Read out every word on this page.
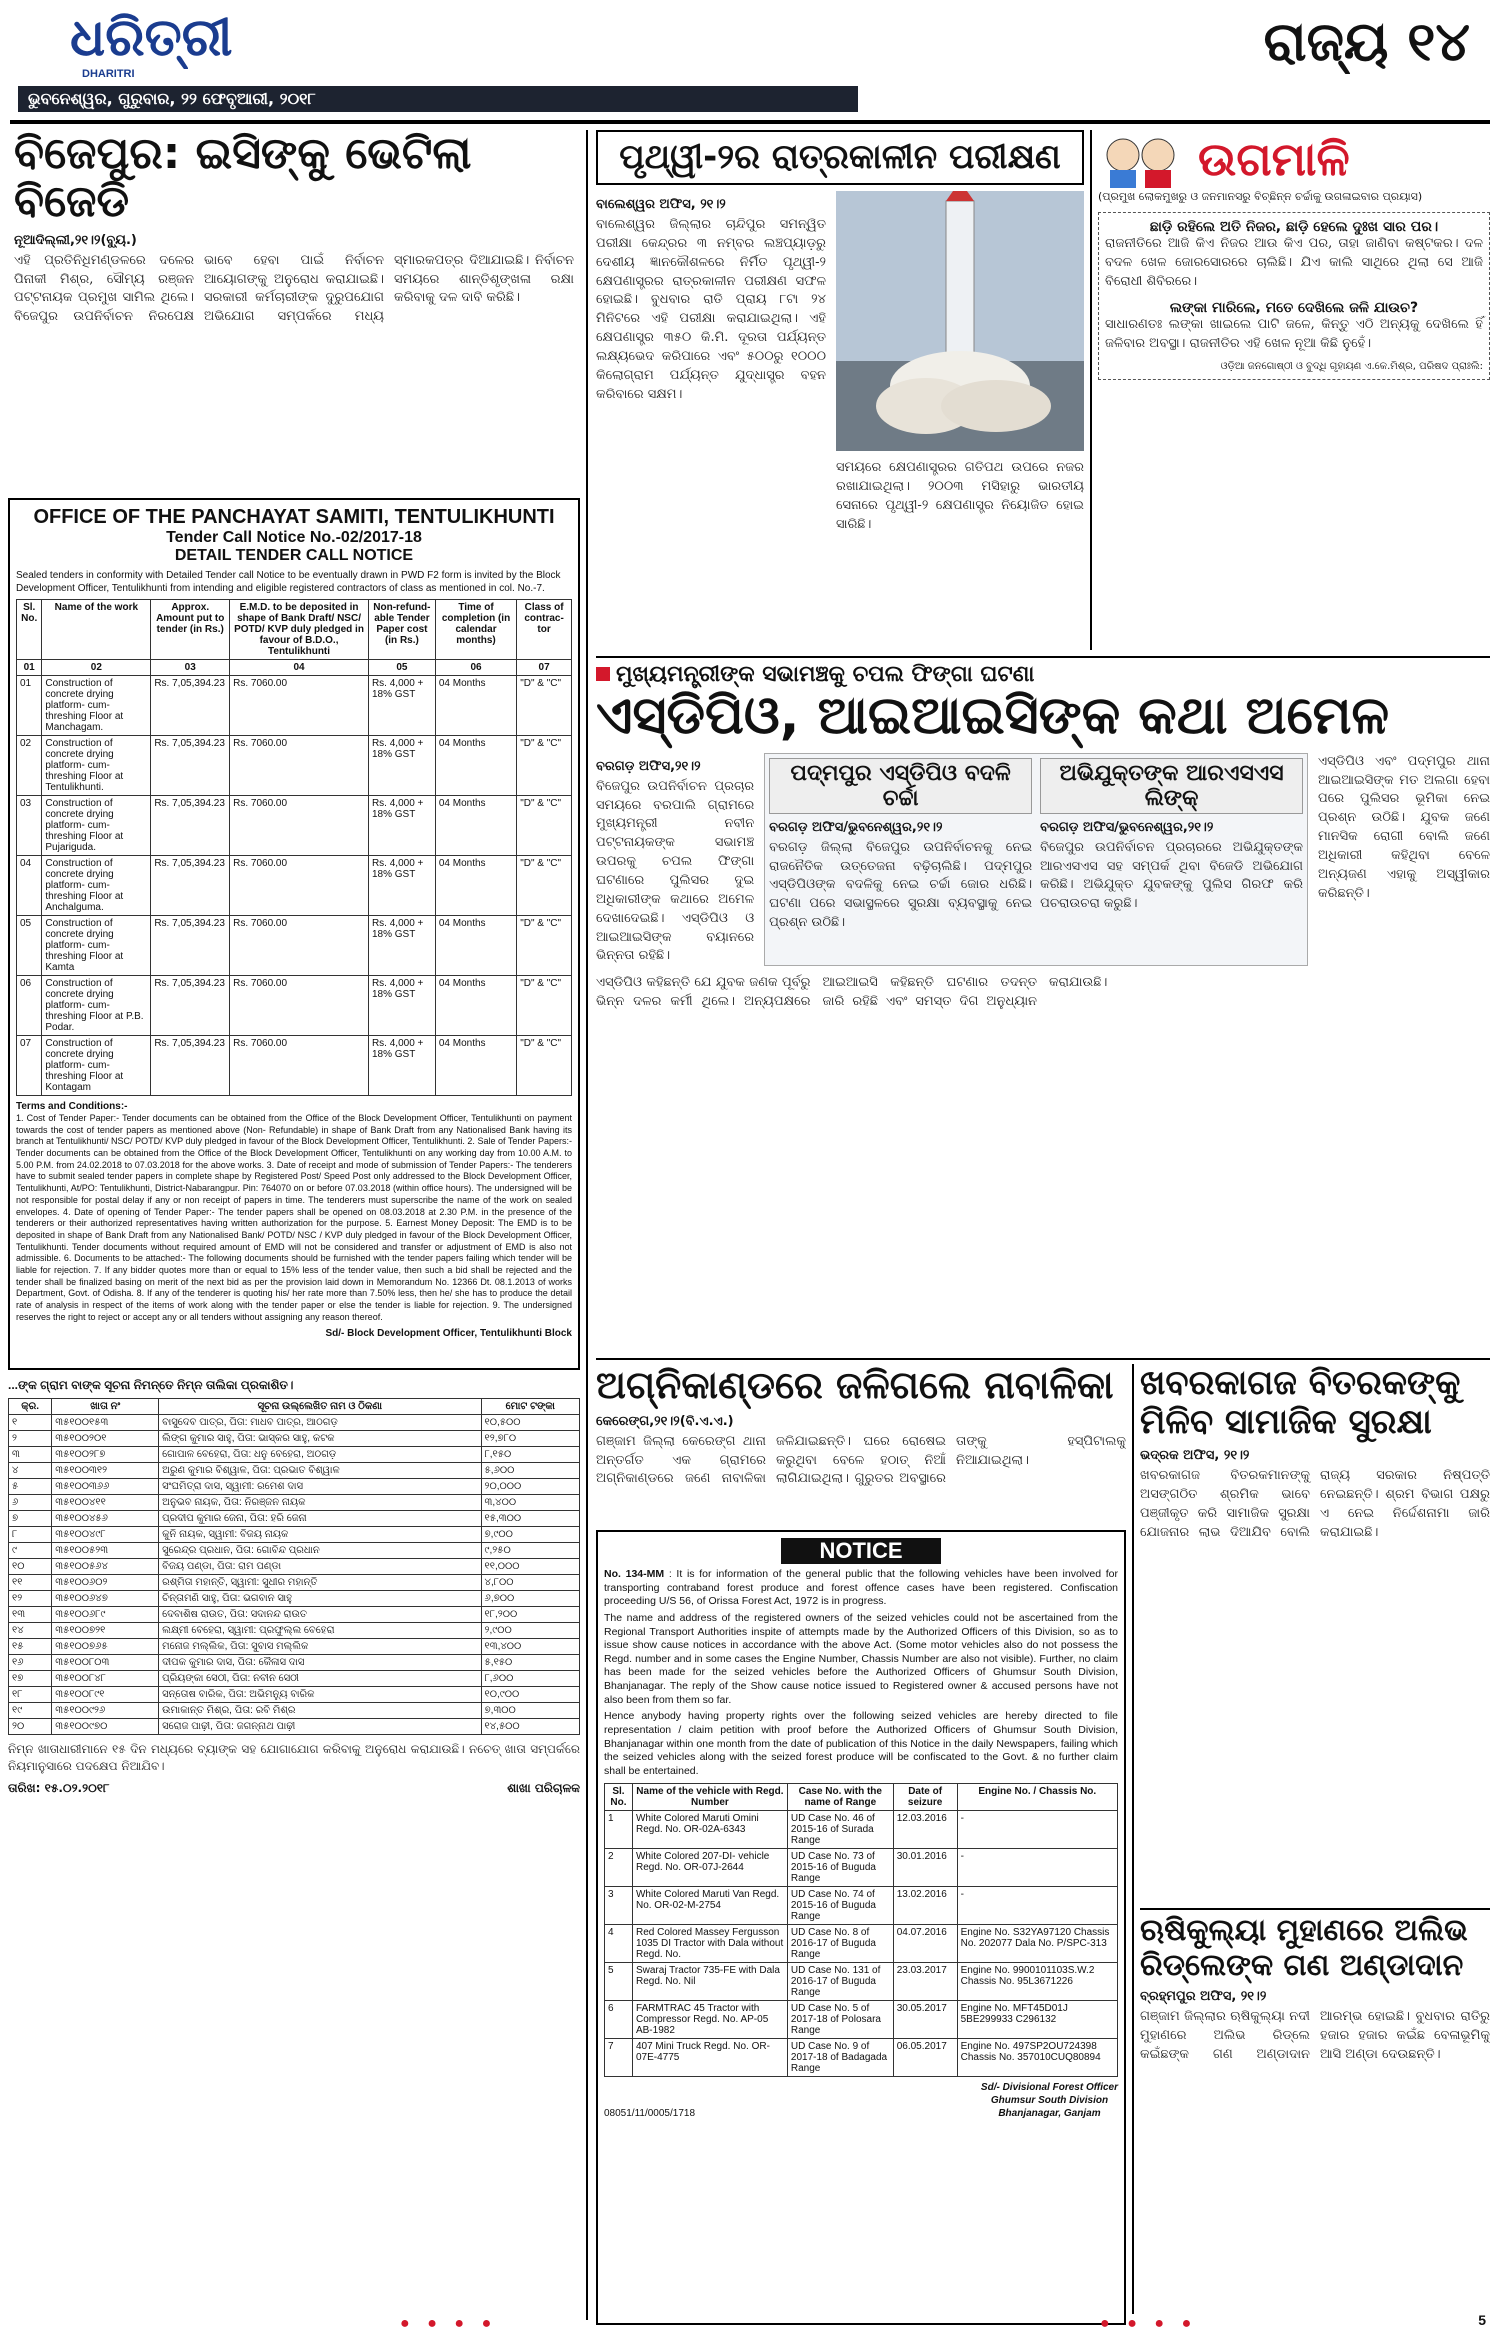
ଧରିତ୍ରୀ
DHARITRI
ଭୁବନେଶ୍ୱର, ଗୁରୁବାର, ୨୨ ଫେବୃଆରୀ, ୨୦୧୮
ରାଜ୍ୟ ୧୪
ବିଜେପୁର: ଇସିଙ୍କୁ ଭେଟିଲା ବିଜେଡି
ନୂଆଦିଲ୍ଲୀ,୨୧।୨(ବ୍ୟୁ.)
ଏହି ପ୍ରତିନିଧିମଣ୍ଡଳରେ ଦଳେର ପିନାକୀ ମିଶ୍ର, ସୌମ୍ୟ ରଞ୍ଜନ ପଟ୍ଟନାୟକ ପ୍ରମୁଖ ସାମିଲ ଥିଲେ। ବିଜେପୁର ଉପନିର୍ବାଚନ ନିରପେକ୍ଷ ଭାବେ ହେବା ପାଇଁ ନିର୍ବାଚନ ଆୟୋଗଙ୍କୁ ଅନୁରୋଧ କରାଯାଇଛି। ସରକାରୀ କର୍ମଚାରୀଙ୍କ ଦୁରୁପଯୋଗ ଅଭିଯୋଗ ସମ୍ପର୍କରେ ମଧ୍ୟ ସ୍ମାରକପତ୍ର ଦିଆଯାଇଛି। ନିର୍ବାଚନ ସମୟରେ ଶାନ୍ତିଶୃଙ୍ଖଳା ରକ୍ଷା କରିବାକୁ ଦଳ ଦାବି କରିଛି।
OFFICE OF THE PANCHAYAT SAMITI, TENTULIKHUNTI
Tender Call Notice No.-02/2017-18
DETAIL TENDER CALL NOTICE
Sealed tenders in conformity with Detailed Tender call Notice to be eventually drawn in PWD F2 form is invited by the Block Development Officer, Tentulikhunti from intending and eligible registered contractors of class as mentioned in col. No.-7.
Sl. No.	Name of the work	Approx. Amount put to tender (in Rs.)	E.M.D. to be deposited in shape of Bank Draft/ NSC/ POTD/ KVP duly pledged in favour of B.D.O., Tentulikhunti	Non-refund-able Tender Paper cost (in Rs.)	Time of completion (in calendar months)	Class of contrac-tor
01	02	03	04	05	06	07
01	Construction of concrete drying platform- cum- threshing Floor at Manchagam.	Rs. 7,05,394.23	Rs. 7060.00	Rs. 4,000 + 18% GST	04 Months	"D" & "C"
02	Construction of concrete drying platform- cum- threshing Floor at Tentulikhunti.	Rs. 7,05,394.23	Rs. 7060.00	Rs. 4,000 + 18% GST	04 Months	"D" & "C"
03	Construction of concrete drying platform- cum- threshing Floor at Pujariguda.	Rs. 7,05,394.23	Rs. 7060.00	Rs. 4,000 + 18% GST	04 Months	"D" & "C"
04	Construction of concrete drying platform- cum- threshing Floor at Anchalguma.	Rs. 7,05,394.23	Rs. 7060.00	Rs. 4,000 + 18% GST	04 Months	"D" & "C"
05	Construction of concrete drying platform- cum- threshing Floor at Kamta	Rs. 7,05,394.23	Rs. 7060.00	Rs. 4,000 + 18% GST	04 Months	"D" & "C"
06	Construction of concrete drying platform- cum- threshing Floor at P.B. Podar.	Rs. 7,05,394.23	Rs. 7060.00	Rs. 4,000 + 18% GST	04 Months	"D" & "C"
07	Construction of concrete drying platform- cum- threshing Floor at Kontagam	Rs. 7,05,394.23	Rs. 7060.00	Rs. 4,000 + 18% GST	04 Months	"D" & "C"
Terms and Conditions:-
1. Cost of Tender Paper:- Tender documents can be obtained from the Office of the Block Development Officer, Tentulikhunti on payment towards the cost of tender papers as mentioned above (Non- Refundable) in shape of Bank Draft from any Nationalised Bank having its branch at Tentulikhunti/ NSC/ POTD/ KVP duly pledged in favour of the Block Development Officer, Tentulikhunti. 2. Sale of Tender Papers:- Tender documents can be obtained from the Office of the Block Development Officer, Tentulikhunti on any working day from 10.00 A.M. to 5.00 P.M. from 24.02.2018 to 07.03.2018 for the above works. 3. Date of receipt and mode of submission of Tender Papers:- The tenderers have to submit sealed tender papers in complete shape by Registered Post/ Speed Post only addressed to the Block Development Officer, Tentulikhunti, At/PO: Tentulikhunti, District-Nabarangpur. Pin: 764070 on or before 07.03.2018 (within office hours). The undersigned will be not responsible for postal delay if any or non receipt of papers in time. The tenderers must superscribe the name of the work on sealed envelopes. 4. Date of opening of Tender Paper:- The tender papers shall be opened on 08.03.2018 at 2.30 P.M. in the presence of the tenderers or their authorized representatives having written authorization for the purpose. 5. Earnest Money Deposit: The EMD is to be deposited in shape of Bank Draft from any Nationalised Bank/ POTD/ NSC / KVP duly pledged in favour of the Block Development Officer, Tentulikhunti. Tender documents without required amount of EMD will not be considered and transfer or adjustment of EMD is also not admissible. 6. Documents to be attached:- The following documents should be furnished with the tender papers failing which tender will be liable for rejection. 7. If any bidder quotes more than or equal to 15% less of the tender value, then such a bid shall be rejected and the tender shall be finalized basing on merit of the next bid as per the provision laid down in Memorandum No. 12366 Dt. 08.1.2013 of works Department, Govt. of Odisha. 8. If any of the tenderer is quoting his/ her rate more than 7.50% less, then he/ she has to produce the detail rate of analysis in respect of the items of work along with the tender paper or else the tender is liable for rejection. 9. The undersigned reserves the right to reject or accept any or all tenders without assigning any reason thereof.
Sd/- Block Development Officer, Tentulikhunti Block
...ଙ୍କ ଗ୍ରାମ ବାଙ୍କ ସୂଚନା ନିମନ୍ତେ ନିମ୍ନ ତାଲିକା ପ୍ରକାଶିତ।
କ୍ର.	ଖାତା ନଂ	ସୂଚନା ଉଲ୍ଲେଖିତ ନାମ ଓ ଠିକଣା	ମୋଟ ଟଙ୍କା
୧	୩୫୧୦୦୧୫୩	ବାସୁଦେବ ପାତ୍ର, ପିତା: ମାଧବ ପାତ୍ର, ଆଠଗଡ଼	୧୦,୫୦୦
୨	୩୫୧୦୦୨୦୧	ଲିଙ୍ଗ କୁମାର ସାହୁ, ପିତା: ଭାସ୍କର ସାହୁ, କଟକ	୧୨,୭୮୦
୩	୩୫୧୦୦୨୮୭	ଗୋପାଳ ବେହେରା, ପିତା: ଧନୁ ବେହେରା, ଅଠଗଡ଼	୮,୧୫୦
୪	୩୫୧୦୦୩୧୨	ଅରୁଣ କୁମାର ବିଶ୍ୱାଳ, ପିତା: ପ୍ରଭାତ ବିଶ୍ୱାଳ	୫,୬୦୦
୫	୩୫୧୦୦୩୬୬	ସଂଘମିତ୍ରା ଦାସ, ସ୍ୱାମୀ: ରମେଶ ଦାସ	୨୦,୦୦୦
୬	୩୫୧୦୦୪୧୧	ଅନୁଭବ ନାୟକ, ପିତା: ନିରଞ୍ଜନ ନାୟକ	୩,୪୦୦
୭	୩୫୧୦୦୪୫୬	ପ୍ରଦୀପ କୁମାର ଜେନା, ପିତା: ହରି ଜେନା	୧୫,୩୦୦
୮	୩୫୧୦୦୪୯୮	କୁନି ନାୟକ, ସ୍ୱାମୀ: ବିଜୟ ନାୟକ	୭,୯୦୦
୯	୩୫୧୦୦୫୨୩	ସୁରେନ୍ଦ୍ର ପ୍ରଧାନ, ପିତା: ଗୋବିନ୍ଦ ପ୍ରଧାନ	୯,୨୫୦
୧୦	୩୫୧୦୦୫୬୪	ବିଜୟ ପଣ୍ଡା, ପିତା: ରାମ ପଣ୍ଡା	୧୧,୦୦୦
୧୧	୩୫୧୦୦୬୦୨	ରଶ୍ମିତା ମହାନ୍ତି, ସ୍ୱାମୀ: ସୁଧୀର ମହାନ୍ତି	୪,୮୦୦
୧୨	୩୫୧୦୦୬୪୭	ଚିନ୍ତାମଣି ସାହୁ, ପିତା: ଭଗବାନ ସାହୁ	୬,୭୦୦
୧୩	୩୫୧୦୦୬୮୯	ଦେବାଶିଷ ରାଉତ, ପିତା: ସଦାନନ୍ଦ ରାଉତ	୧୮,୨୦୦
୧୪	୩୫୧୦୦୭୨୧	ଲକ୍ଷ୍ମୀ ବେହେରା, ସ୍ୱାମୀ: ପ୍ରଫୁଲ୍ଲ ବେହେରା	୨,୯୦୦
୧୫	୩୫୧୦୦୭୬୫	ମନୋଜ ମଲ୍ଲିକ, ପିତା: ସୁବାସ ମଲ୍ଲିକ	୧୩,୪୦୦
୧୬	୩୫୧୦୦୮୦୩	ଦୀପକ କୁମାର ଦାସ, ପିତା: କୈଳାସ ଦାସ	୫,୧୫୦
୧୭	୩୫୧୦୦୮୪୮	ପ୍ରିୟଙ୍କା ସେଠୀ, ପିତା: ନବୀନ ସେଠୀ	୮,୬୦୦
୧୮	୩୫୧୦୦୮୯୧	ସନ୍ତୋଷ ବାରିକ, ପିତା: ଅଭିମନ୍ୟୁ ବାରିକ	୧୦,୯୦୦
୧୯	୩୫୧୦୦୯୨୬	ଉମାକାନ୍ତ ମିଶ୍ର, ପିତା: ରବି ମିଶ୍ର	୭,୩୦୦
୨୦	୩୫୧୦୦୯୭୦	ସରୋଜ ପାଢ଼ୀ, ପିତା: ଜଗନ୍ନାଥ ପାଢ଼ୀ	୧୪,୫୦୦
ନିମ୍ନ ଖାତାଧାରୀମାନେ ୧୫ ଦିନ ମଧ୍ୟରେ ବ୍ୟାଙ୍କ ସହ ଯୋଗାଯୋଗ କରିବାକୁ ଅନୁରୋଧ କରାଯାଉଛି। ନଚେତ୍ ଖାତା ସମ୍ପର୍କରେ ନିୟମାନୁସାରେ ପଦକ୍ଷେପ ନିଆଯିବ।
ତାରିଖ: ୧୫.୦୨.୨୦୧୮	ଶାଖା ପରିଚାଳକ
ପୃଥ୍ୱୀ-୨ର ରାତ୍ରକାଳୀନ ପରୀକ୍ଷଣ
ବାଲେଶ୍ୱର ଅଫିସ, ୨୧।୨
ବାଲେଶ୍ୱର ଜିଲ୍ଲାର ଚାନ୍ଦିପୁର ସମନ୍ୱିତ ପରୀକ୍ଷା କେନ୍ଦ୍ରର ୩ ନମ୍ବର ଲଞ୍ଚପ୍ୟାଡ଼ରୁ ଦେଶୀୟ ଜ୍ଞାନକୌଶଳରେ ନିର୍ମିତ ପୃଥ୍ୱୀ-୨ କ୍ଷେପଣାସ୍ତ୍ରର ରାତ୍ରକାଳୀନ ପରୀକ୍ଷଣ ସଫଳ ହୋଇଛି। ବୁଧବାର ରାତି ପ୍ରାୟ ୮ଟା ୨୪ ମିନିଟରେ ଏହି ପରୀକ୍ଷା କରାଯାଇଥିଲା। ଏହି କ୍ଷେପଣାସ୍ତ୍ର ୩୫୦ କି.ମି. ଦୂରତା ପର୍ଯ୍ୟନ୍ତ ଲକ୍ଷ୍ୟଭେଦ କରିପାରେ ଏବଂ ୫୦୦ରୁ ୧୦୦୦ କିଲୋଗ୍ରାମ ପର୍ଯ୍ୟନ୍ତ ଯୁଦ୍ଧାସ୍ତ୍ର ବହନ କରିବାରେ ସକ୍ଷମ।
ସମୟରେ କ୍ଷେପଣାସ୍ତ୍ରର ଗତିପଥ ଉପରେ ନଜର ରଖାଯାଇଥିଲା। ୨୦୦୩ ମସିହାରୁ ଭାରତୀୟ ସେନାରେ ପୃଥ୍ୱୀ-୨ କ୍ଷେପଣାସ୍ତ୍ର ନିୟୋଜିତ ହୋଇ ସାରିଛି।
ଉଗମାଳି
(ପ୍ରମୁଖ ଲୋକମୁଖରୁ ଓ ଜନମାନସରୁ ବିଚ୍ଛିନ୍ନ ଚର୍ଚ୍ଚାକୁ ଉଗଳାଇବାର ପ୍ରୟାସ)
ଛାଡ଼ି ରହିଲେ ଅତି ନିଜର, ଛାଡ଼ି ହେଲେ ଦୁଃଖ ସାର ପର।
ରାଜନୀତିରେ ଆଜି କିଏ ନିଜର ଆଉ କିଏ ପର, ତାହା ଜାଣିବା କଷ୍ଟକର। ଦଳ ବଦଳ ଖେଳ ଜୋରସୋରରେ ଚାଲିଛି। ଯିଏ କାଲି ସାଥିରେ ଥିଲା ସେ ଆଜି ବିରୋଧୀ ଶିବିରରେ।
ଲଙ୍କା ମାରିଲେ, ମତେ ଦେଖିଲେ ଜଳି ଯାଉଚ?
ସାଧାରଣତଃ ଲଙ୍କା ଖାଇଲେ ପାଟି ଜଳେ, କିନ୍ତୁ ଏଠି ଅନ୍ୟକୁ ଦେଖିଲେ ହିଁ ଜଳିବାର ଅବସ୍ଥା। ରାଜନୀତିର ଏହି ଖେଳ ନୂଆ କିଛି ନୁହେଁ।
ଓଡ଼ିଆ ଜନଗୋଷ୍ଠୀ ଓ ବୁଦ୍ଧି ଗୃହାୟଣ ଏ.କେ.ମିଶ୍ର, ପରିଷଦ ପ୍ରାଃଲି:
ମୁଖ୍ୟମନ୍ତ୍ରୀଙ୍କ ସଭାମଞ୍ଚକୁ ଚପଲ ଫିଙ୍ଗା ଘଟଣା
ଏସ୍‌ଡିପିଓ, ଆଇଆଇସିଙ୍କ କଥା ଅମେଳ
ବରଗଡ଼ ଅଫିସ,୨୧।୨
ବିଜେପୁର ଉପନିର୍ବାଚନ ପ୍ରଚାର ସମୟରେ ବରପାଲି ଗ୍ରାମରେ ମୁଖ୍ୟମନ୍ତ୍ରୀ ନବୀନ ପଟ୍ଟନାୟକଙ୍କ ସଭାମଞ୍ଚ ଉପରକୁ ଚପଲ ଫିଙ୍ଗା ଘଟଣାରେ ପୁଲିସର ଦୁଇ ଅଧିକାରୀଙ୍କ କଥାରେ ଅମେଳ ଦେଖାଦେଇଛି। ଏସ୍‌ଡିପିଓ ଓ ଆଇଆଇସିଙ୍କ ବୟାନରେ ଭିନ୍ନତା ରହିଛି।
ପଦ୍ମପୁର ଏସ୍‌ଡିପିଓ ବଦଳି ଚର୍ଚ୍ଚା
ବରଗଡ଼ ଅଫିସ/ଭୁବନେଶ୍ୱର,୨୧।୨
ବରଗଡ଼ ଜିଲ୍ଲା ବିଜେପୁର ଉପନିର୍ବାଚନକୁ ନେଇ ରାଜନୈତିକ ଉତ୍ତେଜନା ବଢ଼ିଚାଲିଛି। ପଦ୍ମପୁର ଏସ୍‌ଡିପିଓଙ୍କ ବଦଳିକୁ ନେଇ ଚର୍ଚ୍ଚା ଜୋର ଧରିଛି। ଘଟଣା ପରେ ସଭାସ୍ଥଳରେ ସୁରକ୍ଷା ବ୍ୟବସ୍ଥାକୁ ନେଇ ପ୍ରଶ୍ନ ଉଠିଛି।
ଅଭିଯୁକ୍ତଙ୍କ ଆରଏସଏସ ଲିଙ୍କ୍
ବରଗଡ଼ ଅଫିସ/ଭୁବନେଶ୍ୱର,୨୧।୨
ବିଜେପୁର ଉପନିର୍ବାଚନ ପ୍ରଚାରରେ ଅଭିଯୁକ୍ତଙ୍କ ଆରଏସଏସ ସହ ସମ୍ପର୍କ ଥିବା ବିଜେଡି ଅଭିଯୋଗ କରିଛି। ଅଭିଯୁକ୍ତ ଯୁବକଙ୍କୁ ପୁଲିସ ଗିରଫ କରି ପଚରାଉଚରା କରୁଛି।
ଏସ୍‌ଡିପିଓ ଏବଂ ପଦ୍ମପୁର ଥାନା ଆଇଆଇସିଙ୍କ ମତ ଅଲଗା ହେବା ପରେ ପୁଲିସର ଭୂମିକା ନେଇ ପ୍ରଶ୍ନ ଉଠିଛି। ଯୁବକ ଜଣେ ମାନସିକ ରୋଗୀ ବୋଲି ଜଣେ ଅଧିକାରୀ କହିଥିବା ବେଳେ ଅନ୍ୟଜଣ ଏହାକୁ ଅସ୍ୱୀକାର କରିଛନ୍ତି।
ଏସ୍‌ଡିପିଓ କହିଛନ୍ତି ଯେ ଯୁବକ ଜଣକ ପୂର୍ବରୁ ଭିନ୍ନ ଦଳର କର୍ମୀ ଥିଲେ। ଅନ୍ୟପକ୍ଷରେ ଆଇଆଇସି କହିଛନ୍ତି ଘଟଣାର ତଦନ୍ତ ଜାରି ରହିଛି ଏବଂ ସମସ୍ତ ଦିଗ ଅନୁଧ୍ୟାନ କରାଯାଉଛି।
ଅଗ୍ନିକାଣ୍ଡରେ ଜଳିଗଲେ ନାବାଳିକା
କେରେଙ୍ଗ,୨୧।୨(ବି.ଏ.ଏ.)
ଗଞ୍ଜାମ ଜିଲ୍ଲା କେରେଙ୍ଗ ଥାନା ଅନ୍ତର୍ଗତ ଏକ ଗ୍ରାମରେ ଅଗ୍ନିକାଣ୍ଡରେ ଜଣେ ନାବାଳିକା ଜଳିଯାଇଛନ୍ତି। ଘରେ ରୋଷେଇ କରୁଥିବା ବେଳେ ହଠାତ୍ ନିଆଁ ଲାଗିଯାଇଥିଲା। ଗୁରୁତର ଅବସ୍ଥାରେ ତାଙ୍କୁ ହସ୍ପିଟାଲକୁ ନିଆଯାଇଥିଲା।
NOTICE
No. 134-MM : It is for information of the general public that the following vehicles have been involved for transporting contraband forest produce and forest offence cases have been registered. Confiscation proceeding U/S 56, of Orissa Forest Act, 1972 is in progress.
The name and address of the registered owners of the seized vehicles could not be ascertained from the Regional Transport Authorities inspite of attempts made by the Authorized Officers of this Division, so as to issue show cause notices in accordance with the above Act. (Some motor vehicles also do not possess the Regd. number and in some cases the Engine Number, Chassis Number are also not visible). Further, no claim has been made for the seized vehicles before the Authorized Officers of Ghumsur South Division, Bhanjanagar. The reply of the Show cause notice issued to Registered owner & accused persons have not also been from them so far.
Hence anybody having property rights over the following seized vehicles are hereby directed to file representation / claim petition with proof before the Authorized Officers of Ghumsur South Division, Bhanjanagar within one month from the date of publication of this Notice in the daily Newspapers, failing which the seized vehicles along with the seized forest produce will be confiscated to the Govt. & no further claim shall be entertained.
Sl. No.	Name of the vehicle with Regd. Number	Case No. with the name of Range	Date of seizure	Engine No. / Chassis No.
1	White Colored Maruti Omini Regd. No. OR-02A-6343	UD Case No. 46 of 2015-16 of Surada Range	12.03.2016	-
2	White Colored 207-DI- vehicle Regd. No. OR-07J-2644	UD Case No. 73 of 2015-16 of Buguda Range	30.01.2016	-
3	White Colored Maruti Van Regd. No. OR-02-M-2754	UD Case No. 74 of 2015-16 of Buguda Range	13.02.2016	-
4	Red Colored Massey Fergusson 1035 DI Tractor with Dala without Regd. No.	UD Case No. 8 of 2016-17 of Buguda Range	04.07.2016	Engine No. S32YA97120 Chassis No. 202077 Dala No. P/SPC-313
5	Swaraj Tractor 735-FE with Dala Regd. No. Nil	UD Case No. 131 of 2016-17 of Buguda Range	23.03.2017	Engine No. 9900101103S.W.2 Chassis No. 95L3671226
6	FARMTRAC 45 Tractor with Compressor Regd. No. AP-05 AB-1982	UD Case No. 5 of 2017-18 of Polosara Range	30.05.2017	Engine No. MFT45D01J 5BE299933 C296132
7	407 Mini Truck Regd. No. OR-07E-4775	UD Case No. 9 of 2017-18 of Badagada Range	06.05.2017	Engine No. 497SP2OU724398 Chassis No. 357010CUQ80894
08051/11/0005/1718
Sd/- Divisional Forest Officer
Ghumsur South Division
Bhanjanagar, Ganjam
ଖବରକାଗଜ ବିତରକଙ୍କୁ ମିଳିବ ସାମାଜିକ ସୁରକ୍ଷା
ଭଦ୍ରକ ଅଫିସ, ୨୧।୨
ଖବରକାଗଜ ବିତରକମାନଙ୍କୁ ଅସଙ୍ଗଠିତ ଶ୍ରମିକ ଭାବେ ପଞ୍ଜୀକୃତ କରି ସାମାଜିକ ସୁରକ୍ଷା ଯୋଜନାର ଲାଭ ଦିଆଯିବ ବୋଲି ରାଜ୍ୟ ସରକାର ନିଷ୍ପତ୍ତି ନେଇଛନ୍ତି। ଶ୍ରମ ବିଭାଗ ପକ୍ଷରୁ ଏ ନେଇ ନିର୍ଦ୍ଦେଶନାମା ଜାରି କରାଯାଇଛି।
ଋଷିକୁଲ୍ୟା ମୁହାଣରେ ଅଲିଭ ରିଡ୍‌ଲେଙ୍କ ଗଣ ଅଣ୍ଡାଦାନ
ବ୍ରହ୍ମପୁର ଅଫିସ, ୨୧।୨
ଗଞ୍ଜାମ ଜିଲ୍ଲାର ଋଷିକୁଲ୍ୟା ନଦୀ ମୁହାଣରେ ଅଲିଭ ରିଡ୍‌ଲେ କଇଁଛଙ୍କ ଗଣ ଅଣ୍ଡାଦାନ ଆରମ୍ଭ ହୋଇଛି। ବୁଧବାର ରାତିରୁ ହଜାର ହଜାର କଇଁଛ ବେଳାଭୂମିକୁ ଆସି ଅଣ୍ଡା ଦେଉଛନ୍ତି।
● ● ● ●	● ● ● ●	5
